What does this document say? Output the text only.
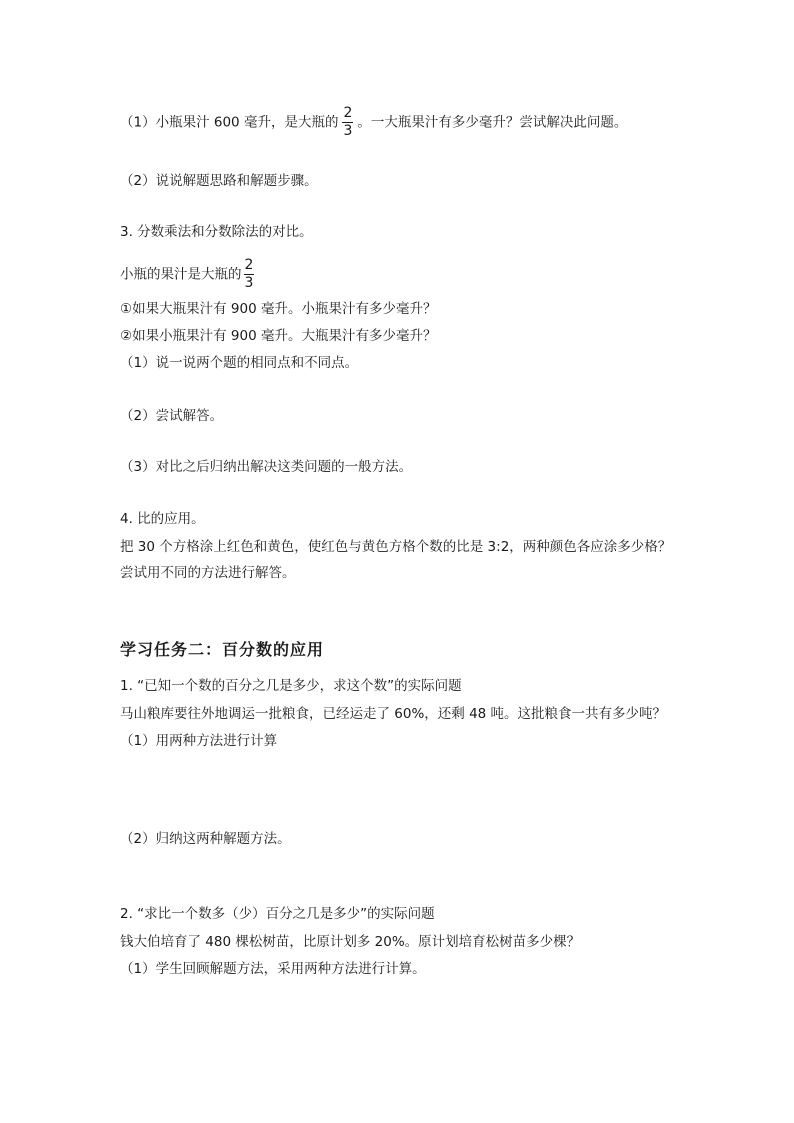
（1）小瓶果汁 600 毫升，是大瓶的 $\frac{2}{3}$ 。一大瓶果汁有多少毫升？尝试解决此问题。
（2）说说解题思路和解题步骤。
3. 分数乘法和分数除法的对比。
小瓶的果汁是大瓶的 $\frac{2}{3}$
①如果大瓶果汁有 900 毫升。小瓶果汁有多少毫升？
②如果小瓶果汁有 900 毫升。大瓶果汁有多少毫升？
（1）说一说两个题的相同点和不同点。
（2）尝试解答。
（3）对比之后归纳出解决这类问题的一般方法。
4. 比的应用。
把 30 个方格涂上红色和黄色，使红色与黄色方格个数的比是 3:2，两种颜色各应涂多少格？
尝试用不同的方法进行解答。
学习任务二：百分数的应用
1. “已知一个数的百分之几是多少，求这个数”的实际问题
马山粮库要往外地调运一批粮食，已经运走了 60%，还剩 48 吨。这批粮食一共有多少吨？
（1）用两种方法进行计算
（2）归纳这两种解题方法。
2. “求比一个数多（少）百分之几是多少”的实际问题
钱大伯培育了 480 棵松树苗，比原计划多 20%。原计划培育松树苗多少棵？
（1）学生回顾解题方法，采用两种方法进行计算。
